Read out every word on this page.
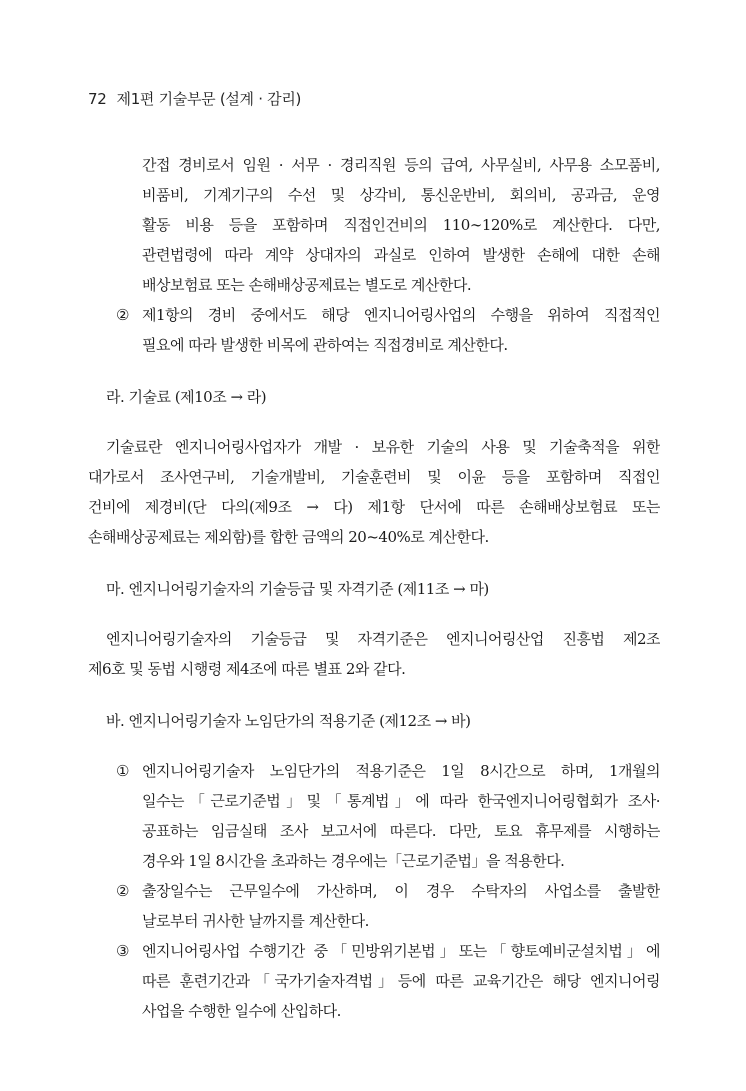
72 제1편 기술부문 (설계 · 감리)
간접 경비로서 임원 · 서무 · 경리직원 등의 급여, 사무실비, 사무용 소모품비,
비품비, 기계기구의 수선 및 상각비, 통신운반비, 회의비, 공과금, 운영
활동 비용 등을 포함하며 직접인건비의 110∼120%로 계산한다. 다만,
관련법령에 따라 계약 상대자의 과실로 인하여 발생한 손해에 대한 손해
배상보험료 또는 손해배상공제료는 별도로 계산한다.
② 제1항의 경비 중에서도 해당 엔지니어링사업의 수행을 위하여 직접적인
필요에 따라 발생한 비목에 관하여는 직접경비로 계산한다.
라. 기술료 (제10조 → 라)
기술료란 엔지니어링사업자가 개발 · 보유한 기술의 사용 및 기술축적을 위한
대가로서 조사연구비, 기술개발비, 기술훈련비 및 이윤 등을 포함하며 직접인
건비에 제경비(단 다의(제9조 → 다) 제1항 단서에 따른 손해배상보험료 또는
손해배상공제료는 제외함)를 합한 금액의 20~40%로 계산한다.
마. 엔지니어링기술자의 기술등급 및 자격기준 (제11조 → 마)
엔지니어링기술자의 기술등급 및 자격기준은 엔지니어링산업 진흥법 제2조
제6호 및 동법 시행령 제4조에 따른 별표 2와 같다.
바. 엔지니어링기술자 노임단가의 적용기준 (제12조 → 바)
① 엔지니어링기술자 노임단가의 적용기준은 1일 8시간으로 하며, 1개월의
일수는「근로기준법」및「통계법」에 따라 한국엔지니어링협회가 조사·
공표하는 임금실태 조사 보고서에 따른다. 다만, 토요 휴무제를 시행하는
경우와 1일 8시간을 초과하는 경우에는「근로기준법」을 적용한다.
② 출장일수는 근무일수에 가산하며, 이 경우 수탁자의 사업소를 출발한
날로부터 귀사한 날까지를 계산한다.
③ 엔지니어링사업 수행기간 중「민방위기본법」또는「향토예비군설치법」에
따른 훈련기간과「국가기술자격법」등에 따른 교육기간은 해당 엔지니어링
사업을 수행한 일수에 산입하다.
